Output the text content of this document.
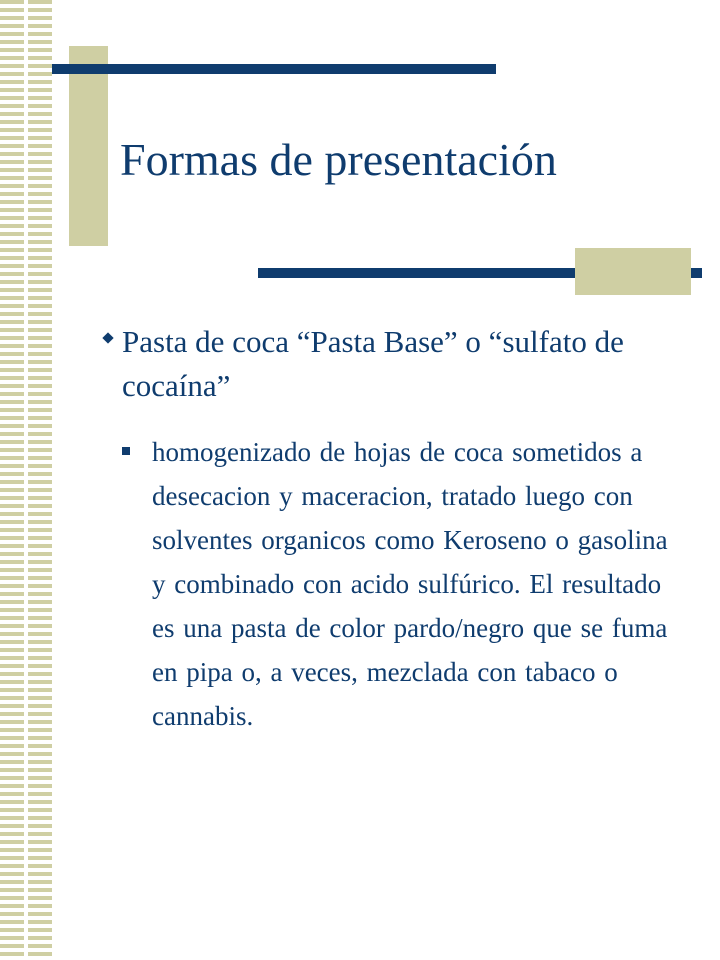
Formas de presentación
Pasta de coca “Pasta Base” o “sulfato de cocaína”
homogenizado de hojas de coca sometidos a desecacion y maceracion, tratado luego con solventes organicos como Keroseno o gasolina y combinado con acido sulfúrico. El resultado es una pasta de color pardo/negro que se fuma en pipa o, a veces, mezclada con tabaco o cannabis.
